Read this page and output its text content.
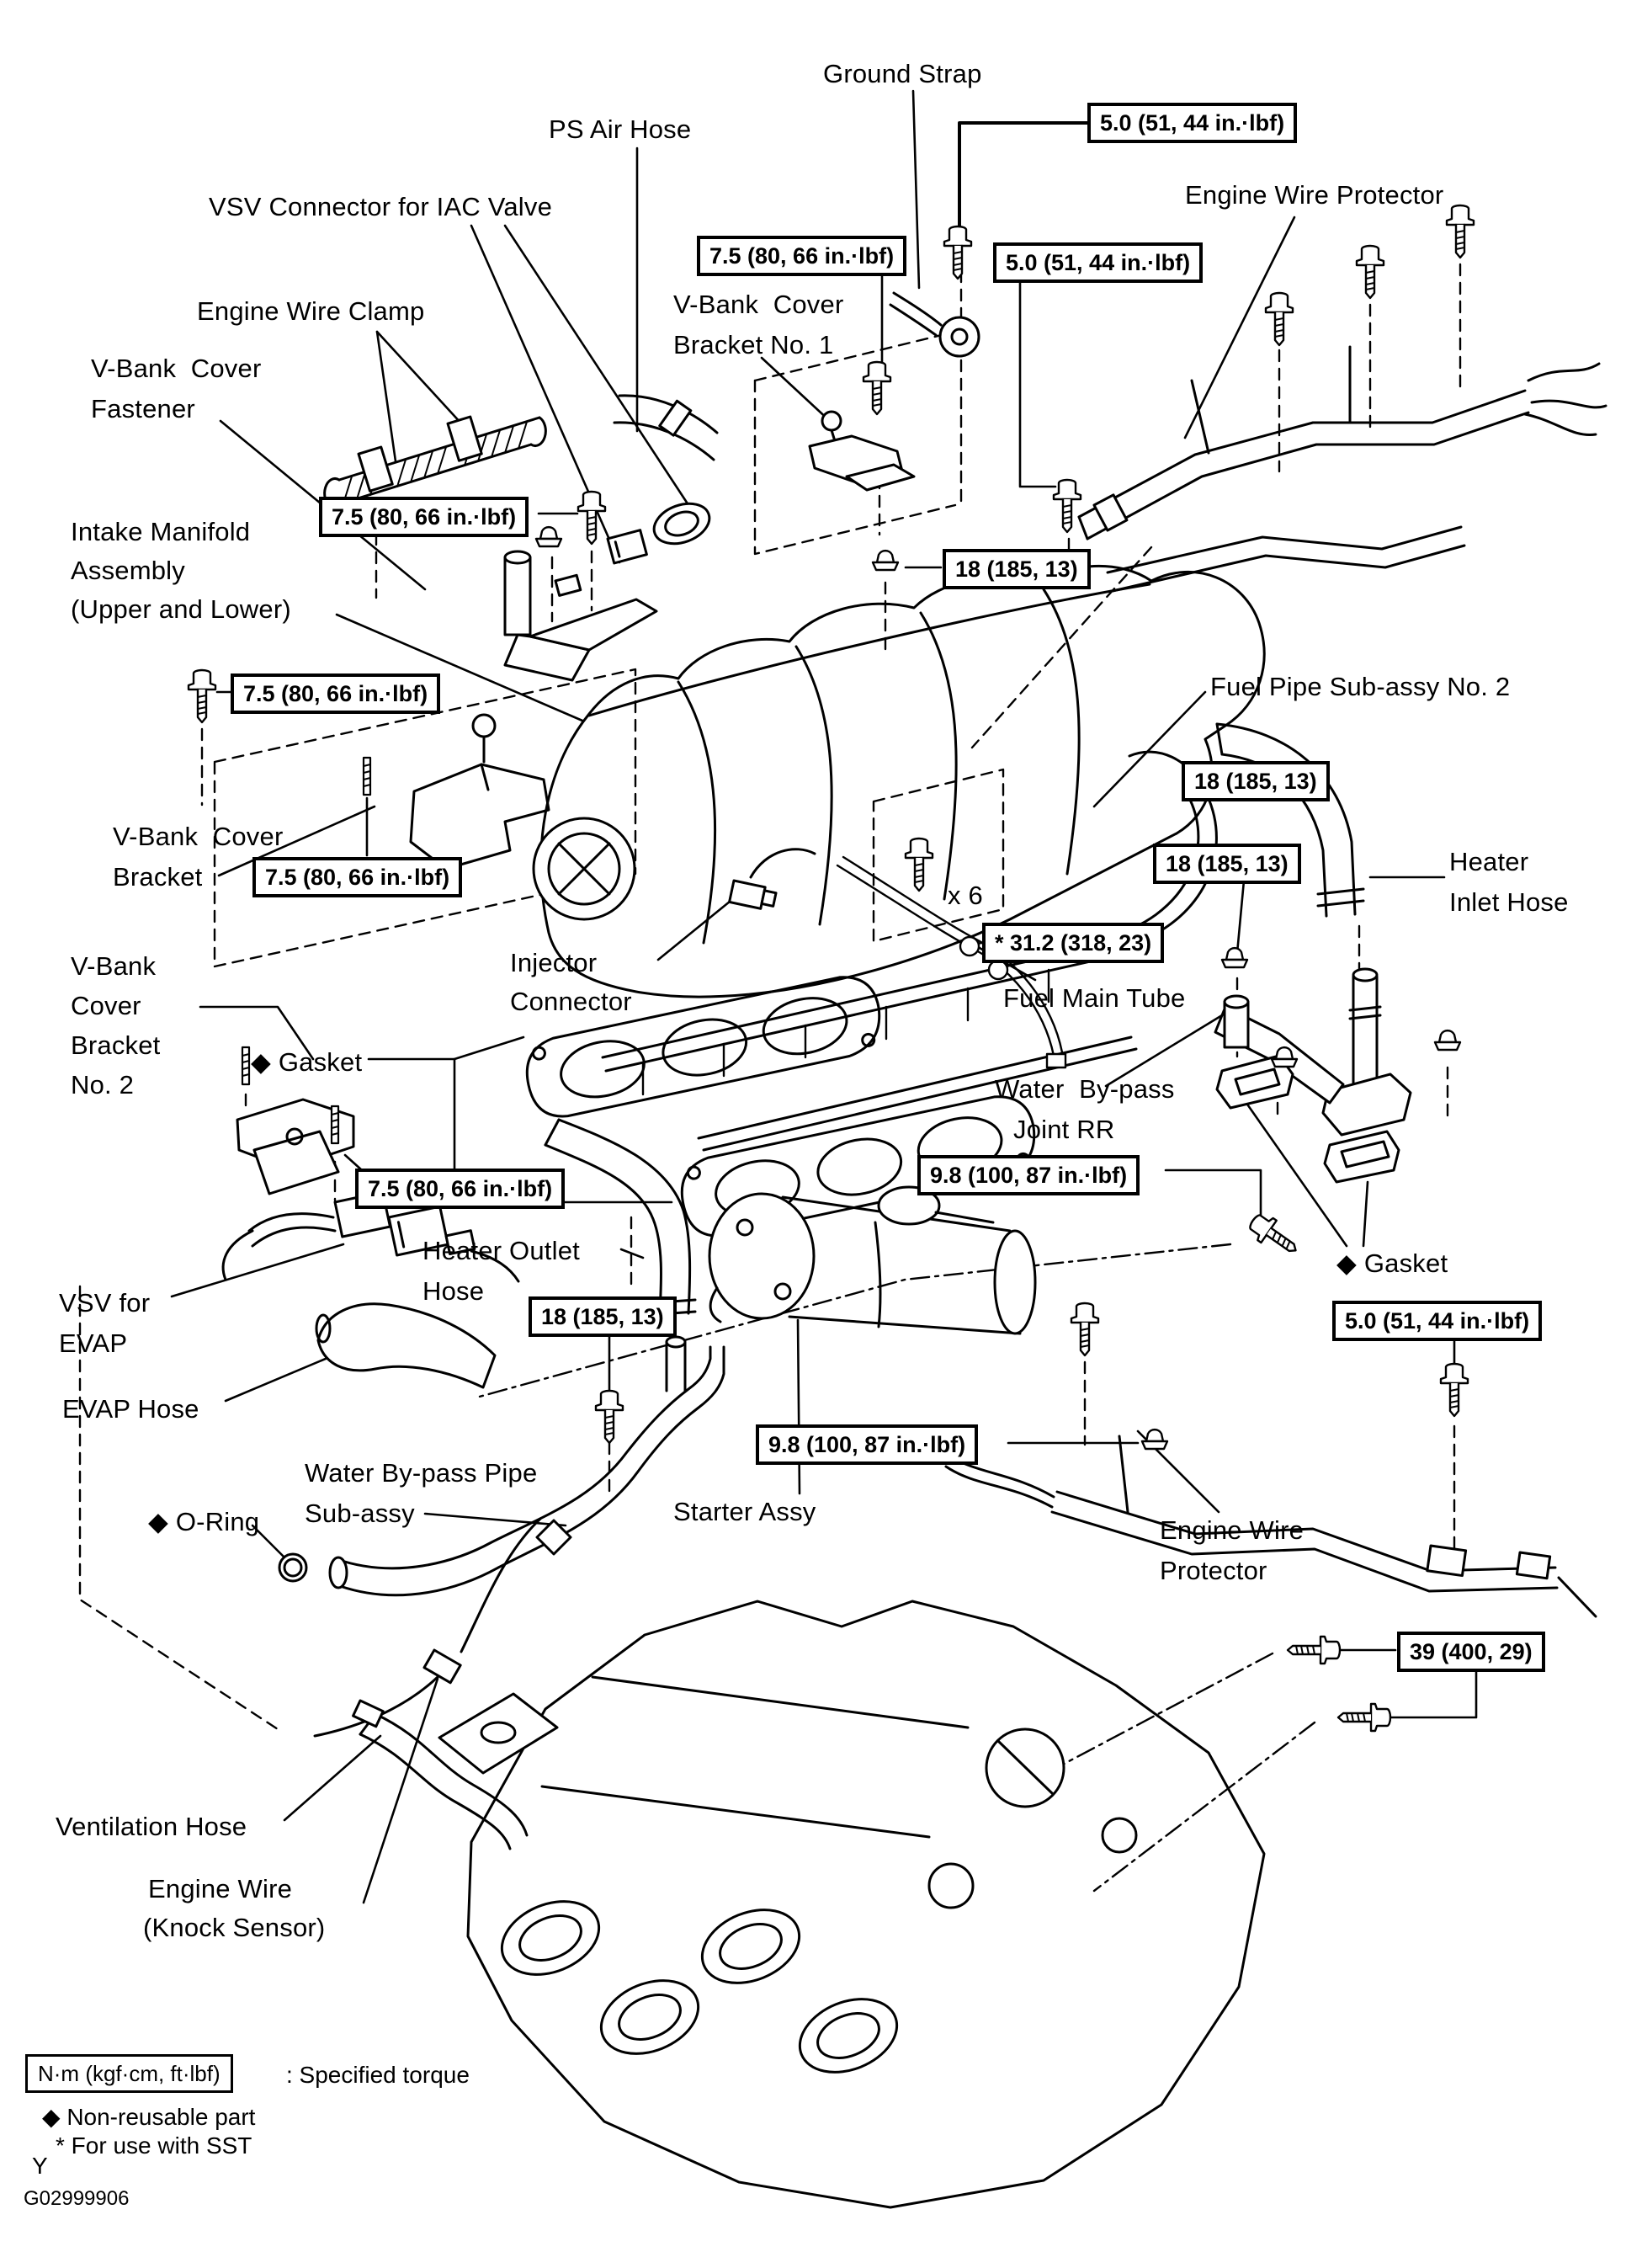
Ground Strap
PS Air Hose
VSV Connector for IAC Valve	Engine Wire Protector
Engine Wire Clamp	V-Bank  Cover
Bracket No. 1
V-Bank  Cover
Fastener
Intake Manifold
Assembly
(Upper and Lower)
Fuel Pipe Sub-assy No. 2
V-Bank  Cover
Bracket
Heater
Inlet Hose
x 6
Injector
Connector	Fuel Main Tube
Water  By-pass
Joint RR
◆ Gasket
V-Bank
Cover
Bracket
No. 2
◆ Gasket
Heater Outlet
Hose
VSV for
EVAP
EVAP Hose
Water By-pass Pipe
Sub-assy
◆ O-Ring	Starter Assy
Engine Wire
Protector
Ventilation Hose
Engine Wire
(Knock Sensor)
5.0 (51, 44 in.·lbf)
7.5 (80, 66 in.·lbf)	5.0 (51, 44 in.·lbf)
7.5 (80, 66 in.·lbf)
18 (185, 13)
7.5 (80, 66 in.·lbf)
18 (185, 13)
7.5 (80, 66 in.·lbf)
18 (185, 13)
* 31.2 (318, 23)
9.8 (100, 87 in.·lbf)
7.5 (80, 66 in.·lbf)
18 (185, 13)	5.0 (51, 44 in.·lbf)
9.8 (100, 87 in.·lbf)
39 (400, 29)
N·m (kgf·cm, ft·lbf)	: Specified torque
◆ Non-reusable part
Y
* For use with SST
G02999906
